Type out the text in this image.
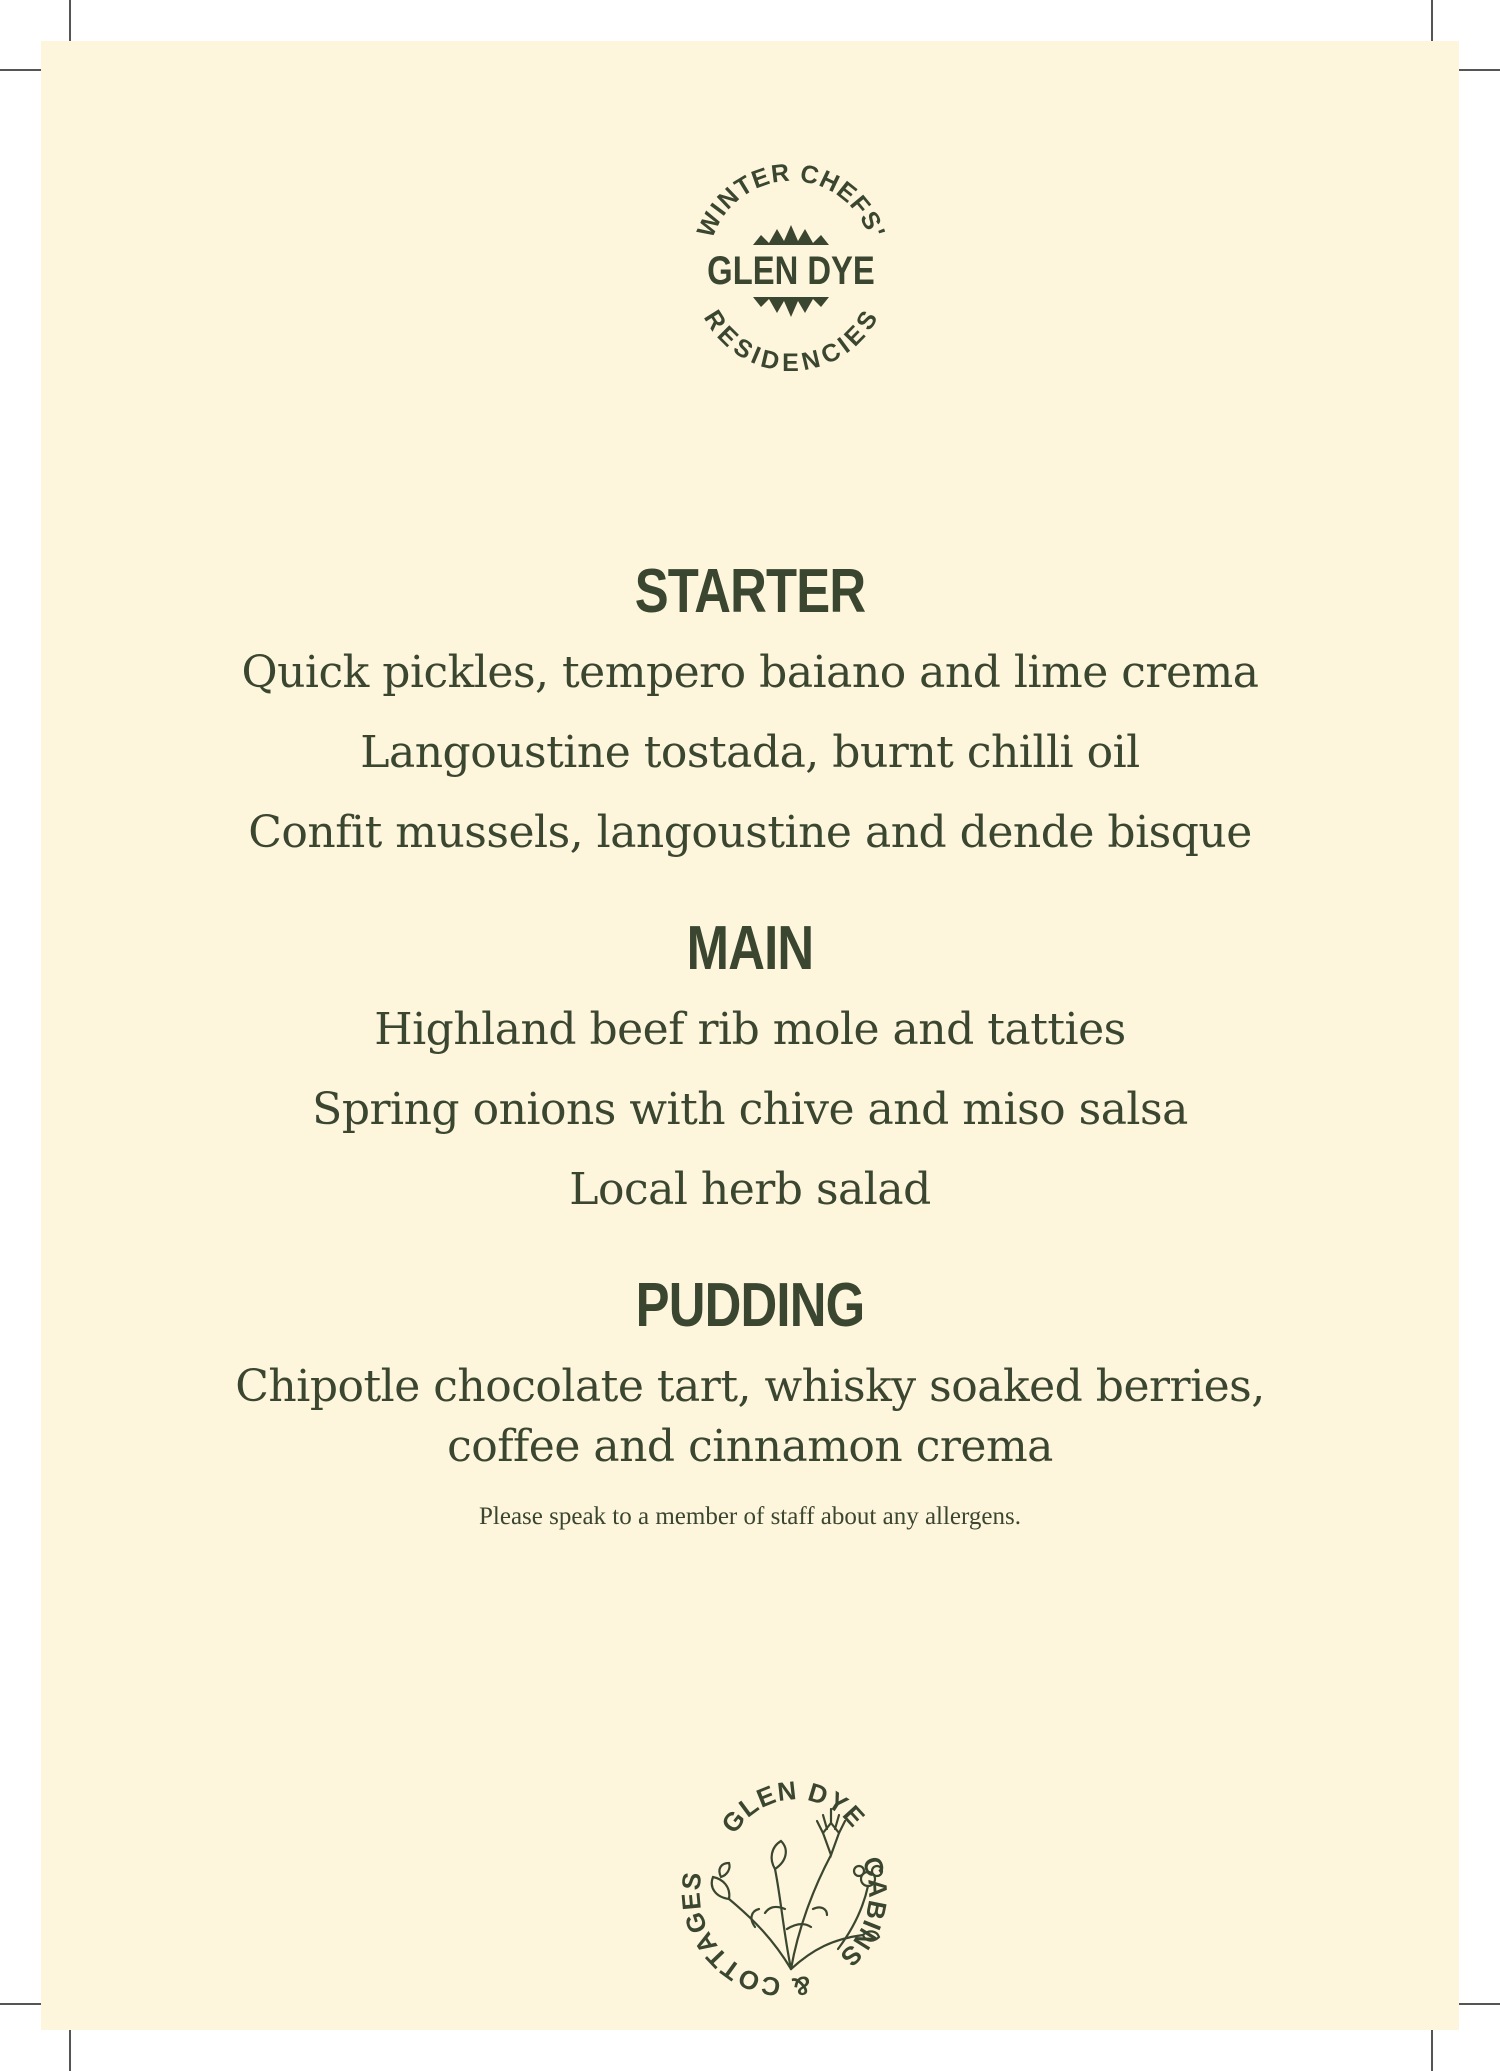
WINTER CHEFS'
GLEN DYE
RESIDENCIES
STARTER
Quick pickles, tempero baiano and lime crema
Langoustine tostada, burnt chilli oil
Confit mussels, langoustine and dende bisque
MAIN
Highland beef rib mole and tatties
Spring onions with chive and miso salsa
Local herb salad
PUDDING
Chipotle chocolate tart, whisky soaked berries,
coffee and cinnamon crema
Please speak to a member of staff about any allergens.
GLEN DYE
CABINS
& COTTAGES
